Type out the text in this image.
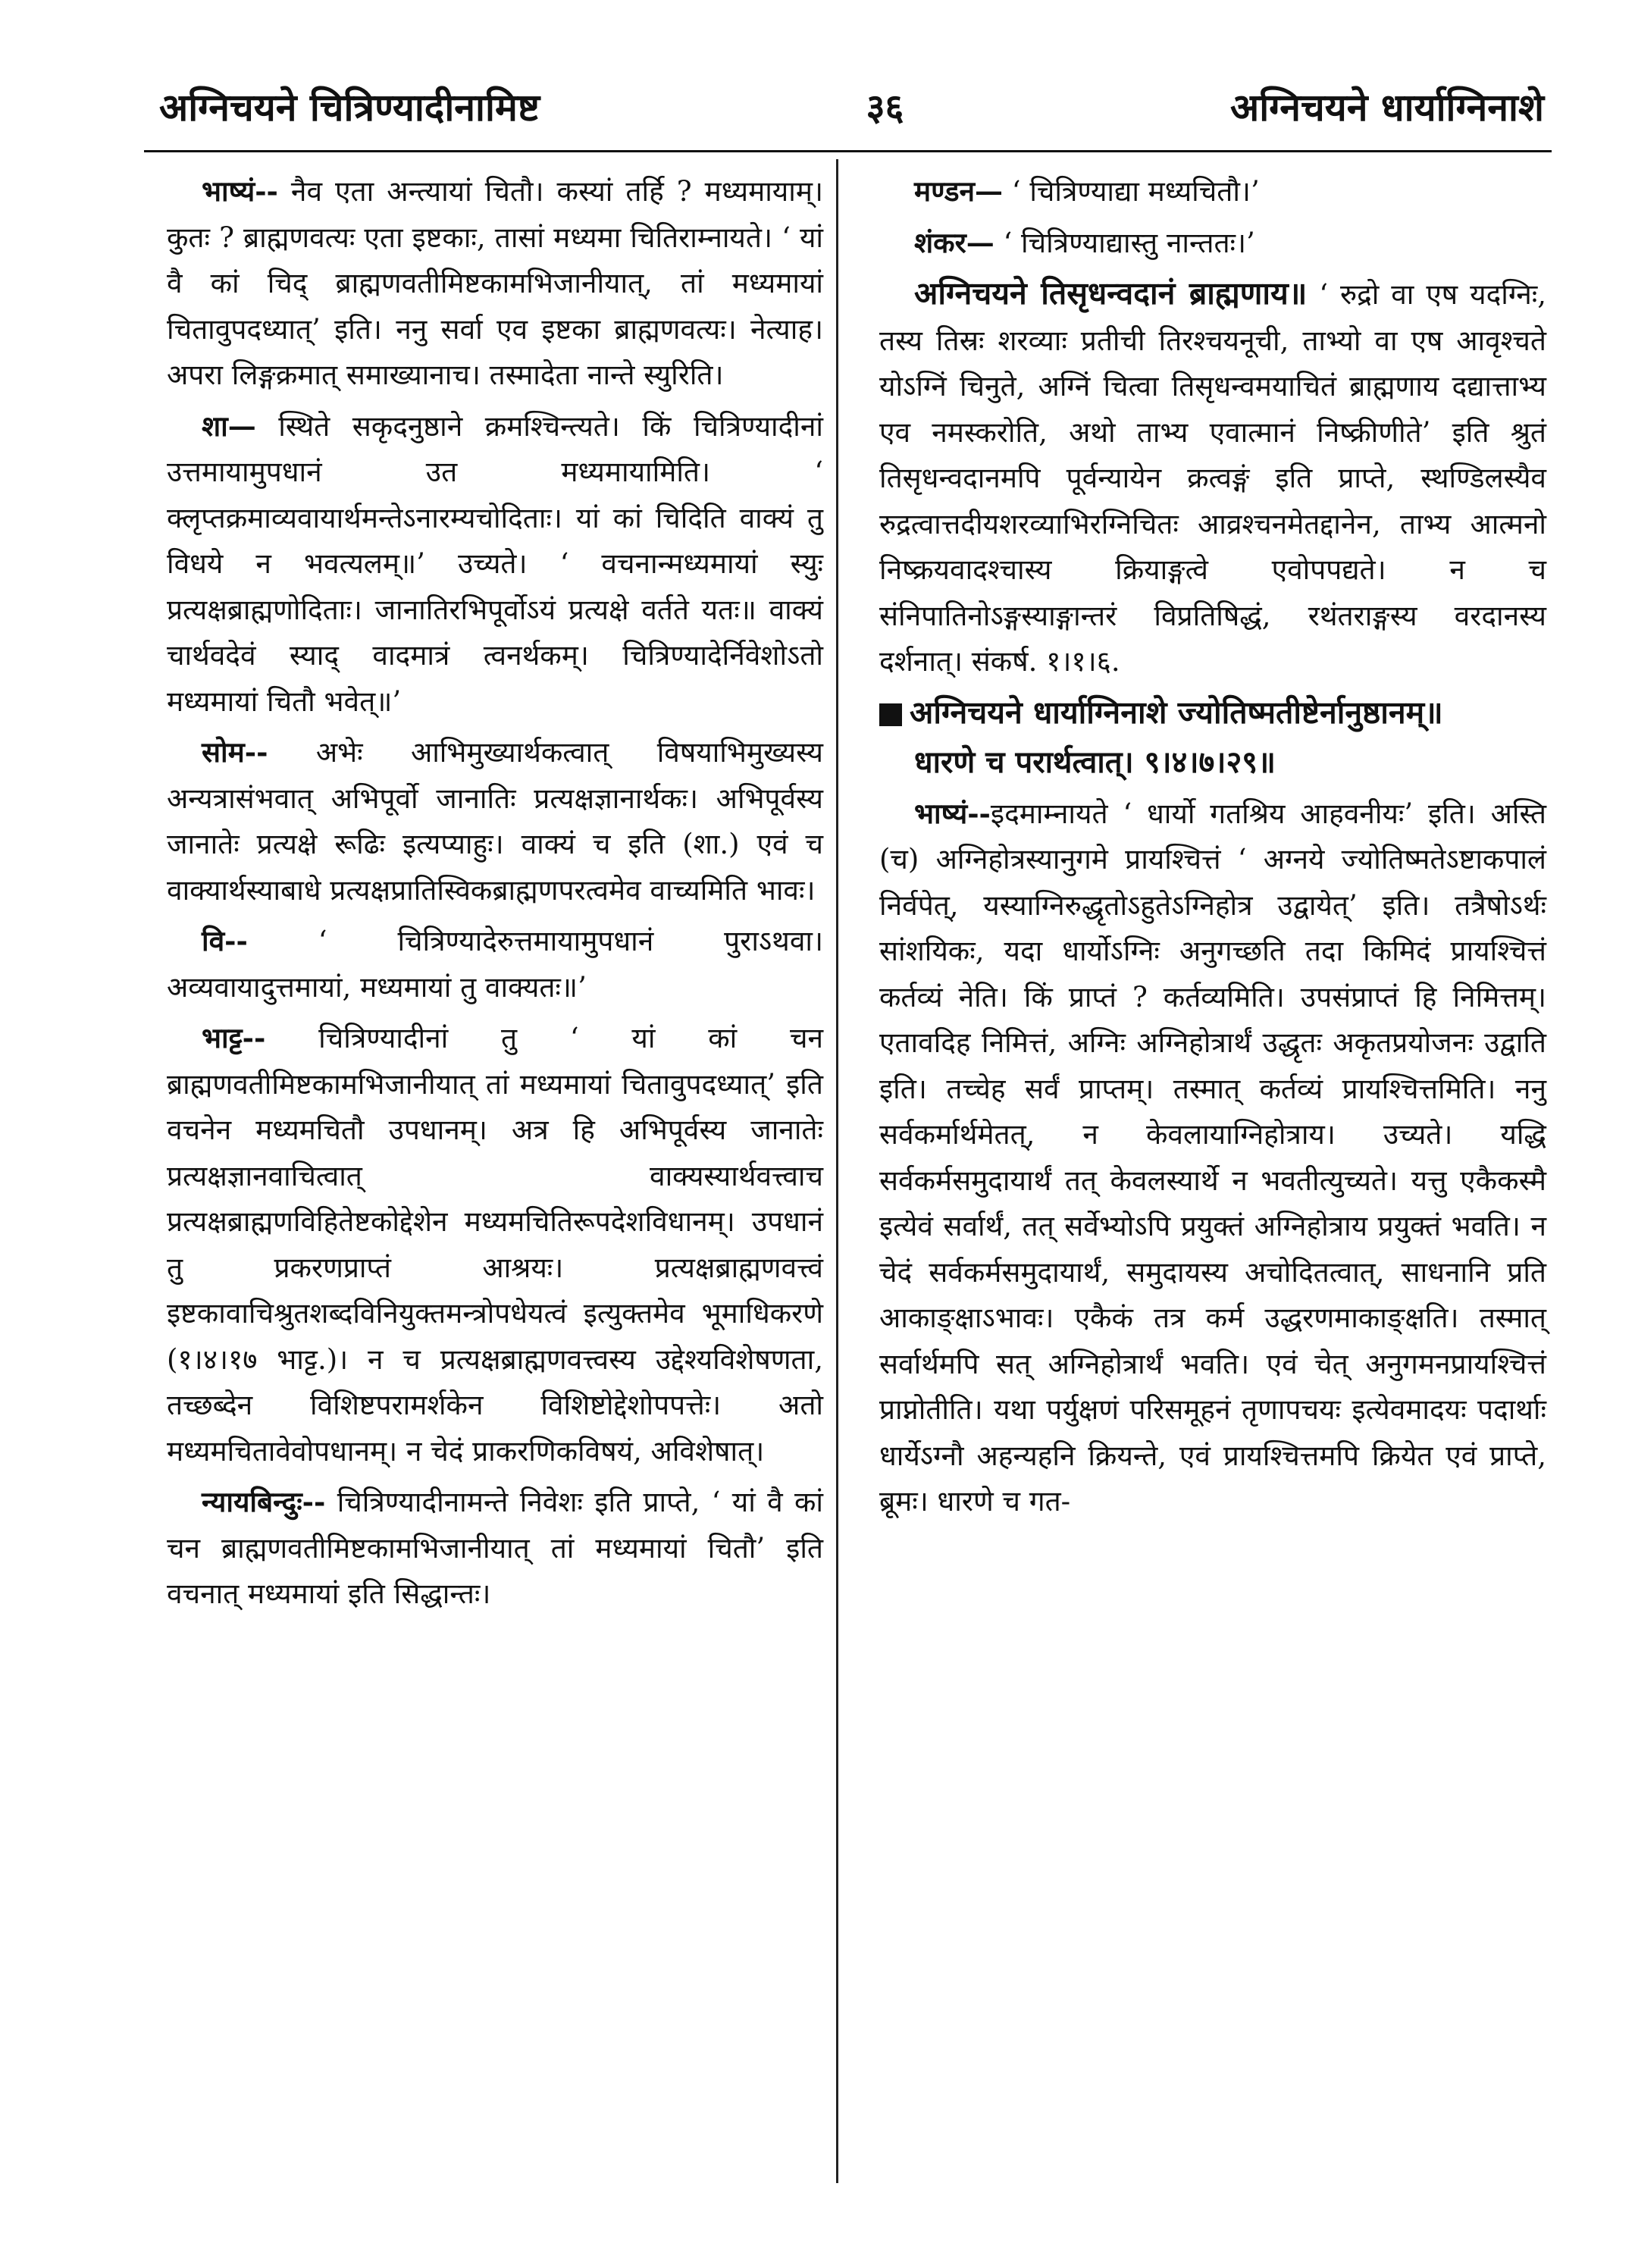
अग्निचयने चित्रिण्यादीनामिष्ट	३६	अग्निचयने धार्याग्निनाशे

भाष्यं-- नैव एता अन्त्यायां चितौ। कस्यां तर्हि ? मध्यमायाम्। कुतः ? ब्राह्मणवत्यः एता इष्टकाः, तासां मध्यमा चितिराम्नायते। ‘ यां वै कां चिद् ब्राह्मणवतीमिष्टकामभिजानीयात्, तां मध्यमायां चितावुपदध्यात्’ इति। ननु सर्वा एव इष्टका ब्राह्मणवत्यः। नेत्याह। अपरा लिङ्गक्रमात् समाख्यानाच। तस्मादेता नान्ते स्युरिति।

शा— स्थिते सकृदनुष्ठाने क्रमश्चिन्त्यते। किं चित्रिण्यादीनां उत्तमायामुपधानं उत मध्यमायामिति। ‘ क्लृप्तक्रमाव्यवायार्थमन्तेऽनारम्यचोदिताः। यां कां चिदिति वाक्यं तु विधये न भवत्यलम्॥’ उच्यते। ‘ वचनान्मध्यमायां स्युः प्रत्यक्षब्राह्मणोदिताः। जानातिरभिपूर्वोऽयं प्रत्यक्षे वर्तते यतः॥ वाक्यं चार्थवदेवं स्याद् वादमात्रं त्वनर्थकम्। चित्रिण्यादेर्निवेशोऽतो मध्यमायां चितौ भवेत्॥’

सोम-- अभेः आभिमुख्यार्थकत्वात् विषयाभिमुख्यस्य अन्यत्रासंभवात् अभिपूर्वो जानातिः प्रत्यक्षज्ञानार्थकः। अभिपूर्वस्य जानातेः प्रत्यक्षे रूढिः इत्यप्याहुः। वाक्यं च इति (शा.) एवं च वाक्यार्थस्याबाधे प्रत्यक्षप्रातिस्विकब्राह्मणपरत्वमेव वाच्यमिति भावः।

वि-- ‘ चित्रिण्यादेरुत्तमायामुपधानं पुराऽथवा। अव्यवायादुत्तमायां, मध्यमायां तु वाक्यतः॥’

भाट्ट-- चित्रिण्यादीनां तु ‘ यां कां चन ब्राह्मणवतीमिष्टकामभिजानीयात् तां मध्यमायां चितावुपदध्यात्’ इति वचनेन मध्यमचितौ उपधानम्। अत्र हि अभिपूर्वस्य जानातेः प्रत्यक्षज्ञानवाचित्वात् वाक्यस्यार्थवत्त्वाच प्रत्यक्षब्राह्मणविहितेष्टकोद्देशेन मध्यमचितिरूपदेशविधानम्। उपधानं तु प्रकरणप्राप्तं आश्रयः। प्रत्यक्षब्राह्मणवत्त्वं इष्टकावाचिश्रुतशब्दविनियुक्तमन्त्रोपधेयत्वं इत्युक्तमेव भूमाधिकरणे (१।४।१७ भाट्ट.)। न च प्रत्यक्षब्राह्मणवत्त्वस्य उद्देश्यविशेषणता, तच्छब्देन विशिष्टपरामर्शकेन विशिष्टोद्देशोपपत्तेः। अतो मध्यमचितावेवोपधानम्। न चेदं प्राकरणिकविषयं, अविशेषात्।

न्यायबिन्दुः-- चित्रिण्यादीनामन्ते निवेशः इति प्राप्ते, ‘ यां वै कां चन ब्राह्मणवतीमिष्टकामभिजानीयात् तां मध्यमायां चितौ’ इति वचनात् मध्यमायां इति सिद्धान्तः।

मण्डन— ‘ चित्रिण्याद्या मध्यचितौ।’

शंकर— ‘ चित्रिण्याद्यास्तु नान्ततः।’

अग्निचयने तिसृधन्वदानं ब्राह्मणाय॥ ‘ रुद्रो वा एष यदग्निः, तस्य तिस्रः शरव्याः प्रतीची तिरश्चयनूची, ताभ्यो वा एष आवृश्चते योऽग्निं चिनुते, अग्निं चित्वा तिसृधन्वमयाचितं ब्राह्मणाय दद्यात्ताभ्य एव नमस्करोति, अथो ताभ्य एवात्मानं निष्क्रीणीते’ इति श्रुतं तिसृधन्वदानमपि पूर्वन्यायेन क्रत्वङ्गं इति प्राप्ते, स्थण्डिलस्यैव रुद्रत्वात्तदीयशरव्याभिरग्निचितः आव्रश्चनमेतद्दानेन, ताभ्य आत्मनो निष्क्रयवादश्चास्य क्रियाङ्गत्वे एवोपपद्यते। न च संनिपातिनोऽङ्गस्याङ्गान्तरं विप्रतिषिद्धं, रथंतराङ्गस्य वरदानस्य दर्शनात्। संकर्ष. १।१।६.

अग्निचयने धार्याग्निनाशे ज्योतिष्मतीष्टेर्नानुष्ठानम्॥

धारणे च परार्थत्वात्। ९।४।७।२९॥

भाष्यं--इदमाम्नायते ‘ धार्यो गतश्रिय आहवनीयः’ इति। अस्ति (च) अग्निहोत्रस्यानुगमे प्रायश्चित्तं ‘ अग्नये ज्योतिष्मतेऽष्टाकपालं निर्वपेत्, यस्याग्निरुद्धृतोऽहुतेऽग्निहोत्र उद्वायेत्’ इति। तत्रैषोऽर्थः सांशयिकः, यदा धार्योऽग्निः अनुगच्छति तदा किमिदं प्रायश्चित्तं कर्तव्यं नेति। किं प्राप्तं ? कर्तव्यमिति। उपसंप्राप्तं हि निमित्तम्। एतावदिह निमित्तं, अग्निः अग्निहोत्रार्थं उद्धृतः अकृतप्रयोजनः उद्वाति इति। तच्चेह सर्वं प्राप्तम्। तस्मात् कर्तव्यं प्रायश्चित्तमिति। ननु सर्वकर्मार्थमेतत्, न केवलायाग्निहोत्राय। उच्यते। यद्धि सर्वकर्मसमुदायार्थं तत् केवलस्यार्थे न भवतीत्युच्यते। यत्तु एकैकस्मै इत्येवं सर्वार्थं, तत् सर्वेभ्योऽपि प्रयुक्तं अग्निहोत्राय प्रयुक्तं भवति। न चेदं सर्वकर्मसमुदायार्थं, समुदायस्य अचोदितत्वात्, साधनानि प्रति आकाङ्क्षाऽभावः। एकैकं तत्र कर्म उद्धरणमाकाङ्क्षति। तस्मात् सर्वार्थमपि सत् अग्निहोत्रार्थं भवति। एवं चेत् अनुगमनप्रायश्चित्तं प्राप्नोतीति। यथा पर्युक्षणं परिसमूहनं तृणापचयः इत्येवमादयः पदार्थाः धार्येऽग्नौ अहन्यहनि क्रियन्ते, एवं प्रायश्चित्तमपि क्रियेत एवं प्राप्ते, ब्रूमः। धारणे च गत-
